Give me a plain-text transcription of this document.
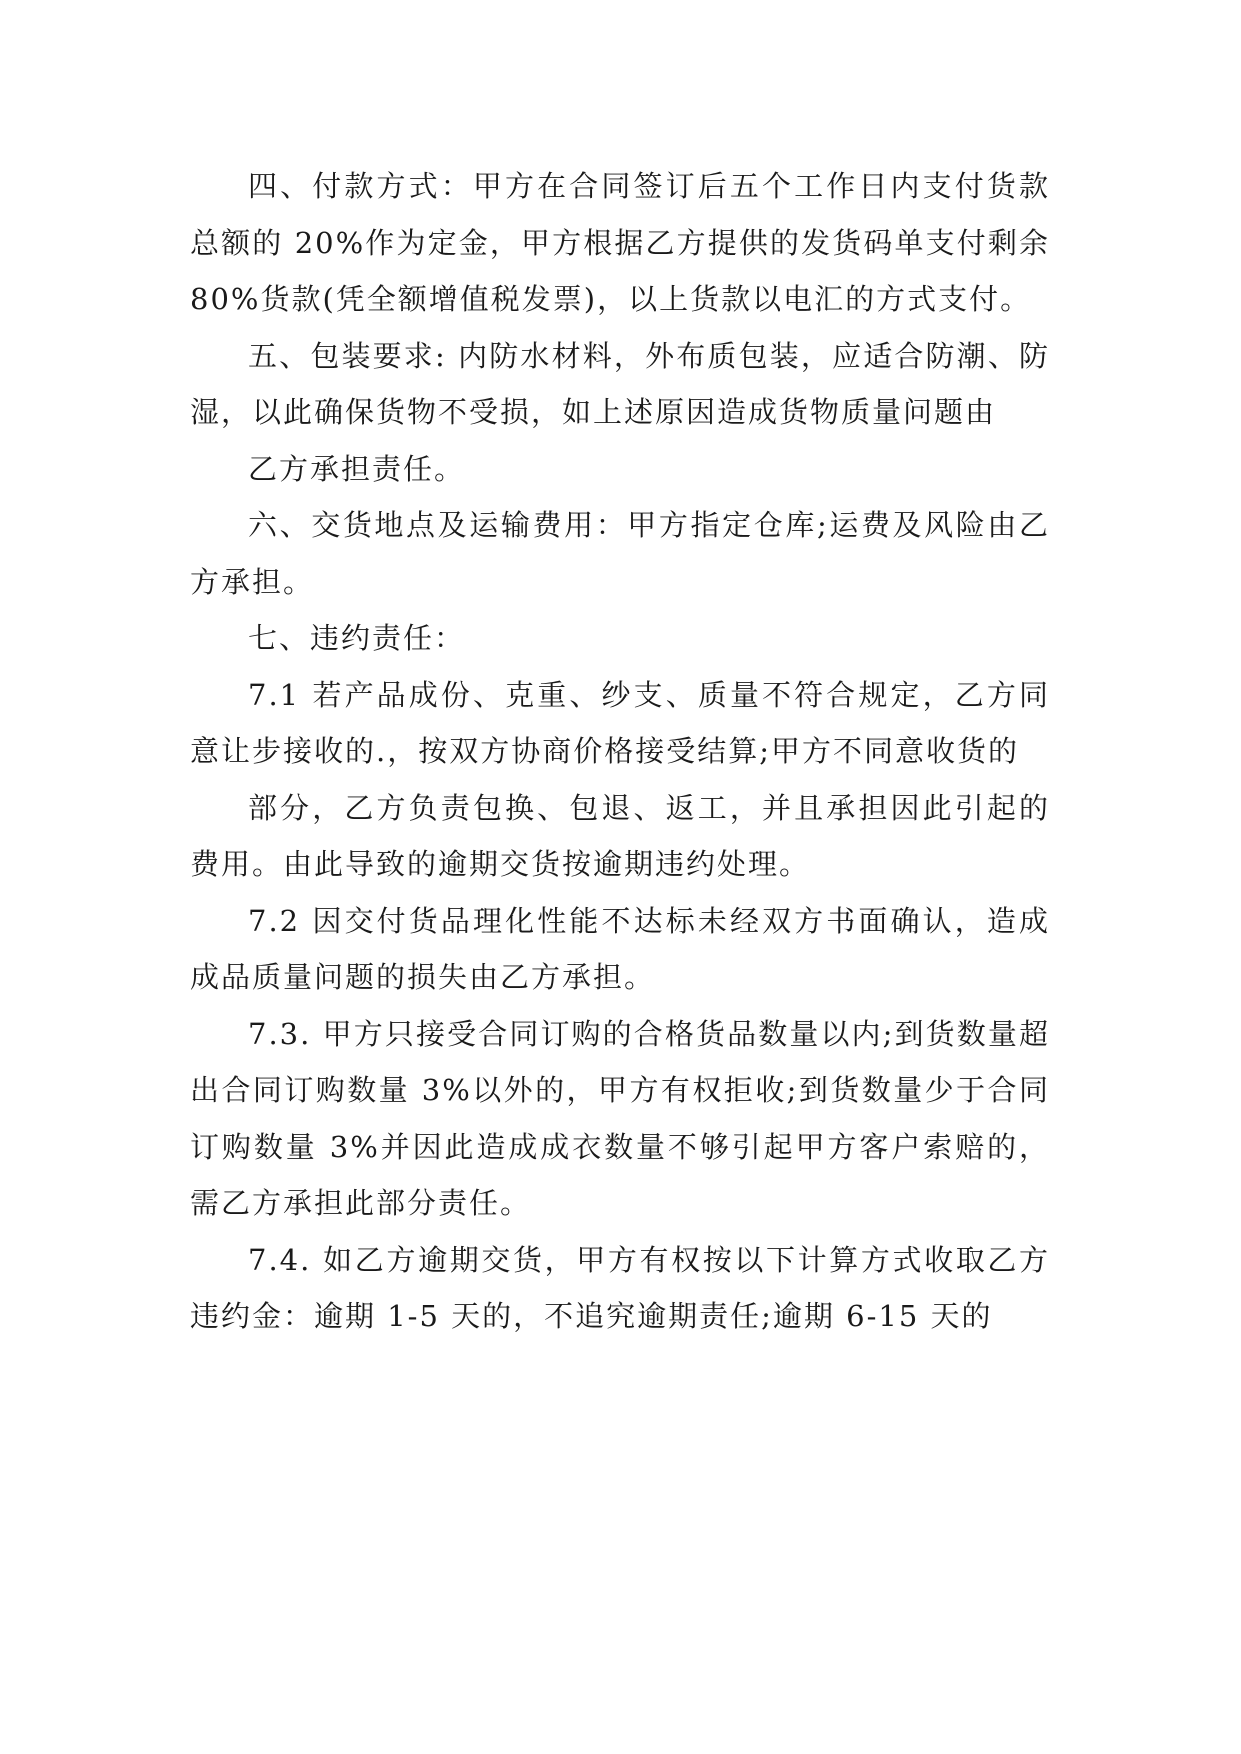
四、付款方式：甲方在合同签订后五个工作日内支付货款总额的 20%作为定金，甲方根据乙方提供的发货码单支付剩余 80%货款(凭全额增值税发票)，以上货款以电汇的方式支付。

五、包装要求: 内防水材料，外布质包装，应适合防潮、防湿，以此确保货物不受损，如上述原因造成货物质量问题由

乙方承担责任。

六、交货地点及运输费用：甲方指定仓库;运费及风险由乙方承担。

七、违约责任：

7.1 若产品成份、克重、纱支、质量不符合规定，乙方同意让步接收的.，按双方协商价格接受结算;甲方不同意收货的

部分，乙方负责包换、包退、返工，并且承担因此引起的费用。由此导致的逾期交货按逾期违约处理。

7.2 因交付货品理化性能不达标未经双方书面确认，造成成品质量问题的损失由乙方承担。

7.3. 甲方只接受合同订购的合格货品数量以内;到货数量超出合同订购数量 3%以外的，甲方有权拒收;到货数量少于合同订购数量 3%并因此造成成衣数量不够引起甲方客户索赔的，需乙方承担此部分责任。

7.4. 如乙方逾期交货，甲方有权按以下计算方式收取乙方违约金：逾期 1-5 天的，不追究逾期责任;逾期 6-15 天的
